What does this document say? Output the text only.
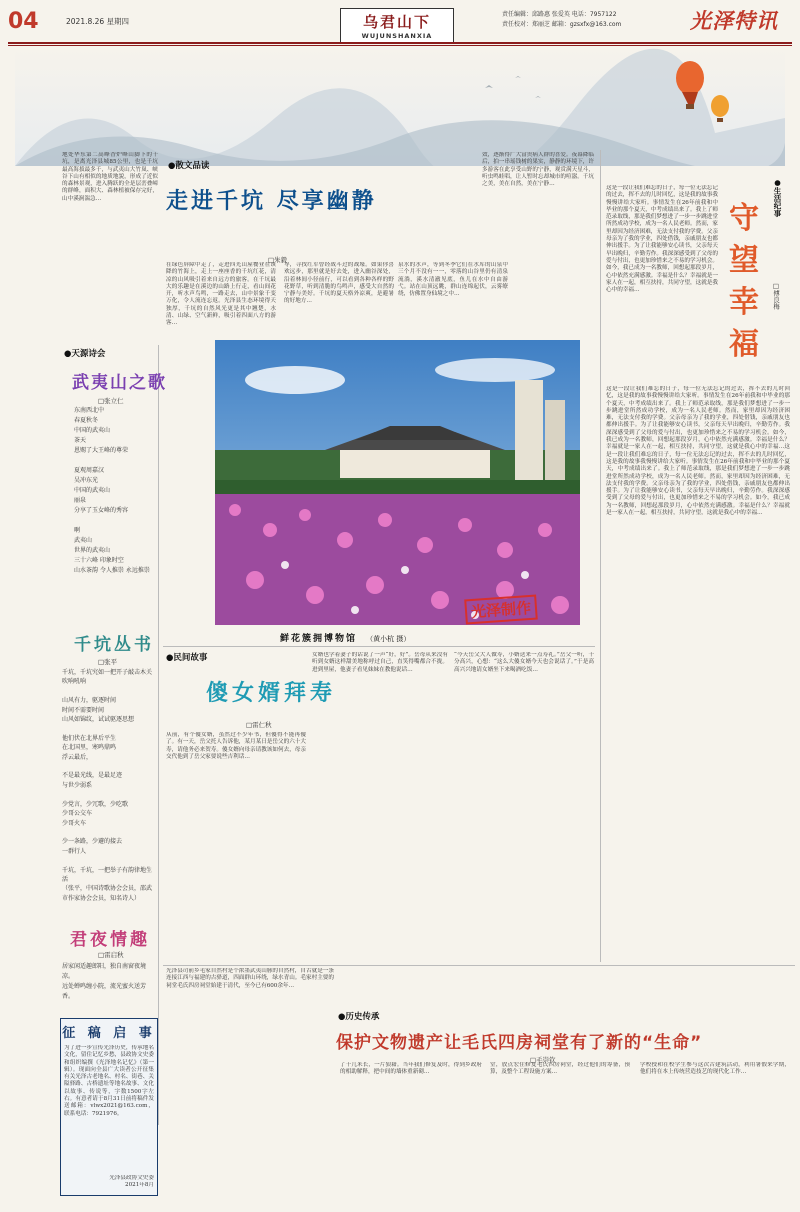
04	2021.8.26 星期四	乌君山下
WUJUNSHANXIA
责任编辑：邱路惠 张爱英 电话：7957122
责任校对：郑丽芝 邮箱：gzsxfx@163.com	光泽特讯
地处华东第二高峰香炉峰山脚下的千坑，是离光泽县城85公里，也是千坑最高海拔最多千，与武夷山大竹岚、峡谷下山有相似的地质地貌，形成了近似的森林景观，进入腾跃的全是层峦叠嶂的群峰，面积大、森林植被保存完好，山中溪涧湍急…
●散文品读
走进千坑 尽享幽静
□朱毅
在绿色屏障中走了，走进四光山屋餐业在该降的竹海上，走上一座座香的千坑红花，清凉的山风吸引着来自远方的旅客。在千坑最大的乐趣是在溪边的山路上行走，看山间花开，听水声鸟鸣，一路走去，山中景象千变万化，令人流连忘返。光泽县生态环境得天独厚，千坑的自然风光更是其中翘楚，水清、山绿、空气新鲜，吸引着四面八方的游客…
导，寻找红军曾经战斗过的战壕。如果你喜欢远步，那里就是好去处，进入幽谷深处，沿着林间小径前行，可以看到各种各样的野花野草，听到清脆的鸟鸣声，感受大自然的宁静与美好。千坑的夏天格外凉爽，是避暑的好地方…
泉水的水声，等到冬季它们在水库的山泉中三个月不没有一一，零落的山谷里仍有清泉流淌，溪水清澈见底，鱼儿在水中自由游弋。站在山顶远眺，群山连绵起伏，云雾缭绕，仿佛置身仙境之中…
效，逐渐得广大富贵病人群的喜爱。夜幕降临后，拍一串瑶钱树的果实，静静的环境下，许多游客在此享受山野的宁静，观赏满天星斗，听虫鸣蛙唱，让人暂时忘却城市的喧嚣。千坑之美，美在自然，美在宁静…
光泽制作
鲜花簇拥博物馆 （黄小杭 摄）
●天源诗会
武夷山之歌
□张立仁
东南西北中
春夏秋冬
中国的武夷山
茶天
恩赐了大王峰的尊荣

夏观周嘉汉
吴冲东光
中国的武夷山
丽泉
分享了玉女峰的秀容

啊
武夷山
世界的武夷山
三十六峰 印象时空
山水茶韵 令人推崇 永远推崇
千坑丛书
□张平
千坑，千坑究如一把开子敲击木关吹响吼响

山风有力，驱逐时间
时间不需要时间
山风如锦纹，试试驱逐思想

他们伏在北界后平生
在北国里，寒鸣鼎鸣
浮云最后，

不是最光线，是最足迹
与世少弱系

少党言，少冗歌，少吃歌
少哥公交车
少哥火车

少一条路，少避的接去
一群行人

千坑，千坑，一把举子有韵律地生活
（张平，中国诗歌协会会员，邵武市作家协会会员，知名诗人）
君夜情趣
□雷启秋
居家闲适趣郎阳，独自南窗夜境凉。
远处蝉鸣缠小院，流光蜜火送芳香。
征 稿 启 事
为了进一步宣传光泽历史，传承地名文化，留住记忆乡愁，县政协文史委和组织编撰《光泽地名记忆》（第一辑）。现面向全县广大读者公开征集有关光泽古老地名、村名、街巷、关隘驿路、古桥遗址等地名故事、文化以故事、传说等，字数1500字左右。有意者请于8月31日前将稿件发送邮箱：vlwx2021@163.com，联系电话：7921976。
光泽县政协文史委
2021年8月
●民间故事
傻女婿拜寿
□雷仁秋
从前，有个傻女婿，虽然过不少年书，但傻得不能再傻了。有一天，岳父托人告诉他，某月某日是岳父的六十大寿，请他务必来贺寿。傻女婿向母亲请教该如何去，母亲交代他到了岳父家要说些吉利话…
女婿也学着妻子的话说了一声“好，好”。岳母从来没有听到女婿这样甜美地称呼过自己，直笑得嘴都合不拢。进到里屋，他妻子看见妹妹在教他说话…
“今天岳父大人做寿，小婿送来一点寿礼。”岳父一听，十分高兴，心想：“这么大傻女婿今天也会说话了。”于是高高兴兴地请女婿坐下来喝酒吃饭…
光泽县司前乡毛家自然村是个浓墨武夷山脉的自然村，自古就是一条连接江西与福建的古驿道，四面群山环绕，绿水青山。毛家村主要的祠堂毛氏四房祠堂始建于清代，至今已有600余年…
●历史传承
保护文物遗产让毛氏四房祠堂有了新的“生命”
□毛崇钦
了十几米长，一片狼藉。当年我们修复及时，得到乡政府的相助解释，把中间的墙体重新砌…
堂，放点宏住修复毛氏四房祠堂，经过他们的筹备，预算，及整个工程设施方案…
学校授和在校学生参与这次古建筑活动，利用暑假来学期，他们将在本上传统营造技艺的现代化工作…
这是一段让我们难忘的日子，每一位无法忘记的过去，挥不去的儿时回忆，这是我的故事我慢慢讲给大家听。事情发生在26年前我和中毕业的那个夏天，中考成绩出来了。我上了师范录取线，那是我们梦想进了一步一步跳进堂所然成功学校，成为一名人民老师。然而，家里却因为经济困难，无法支付我的学费。父亲母亲为了我的学业，四处借钱，亲戚朋友也都伸出援手。为了让我能够安心读书，父亲每天早出晚归，辛勤劳作。我深深感受到了父母的爱与付出，也更加珍惜来之不易的学习机会。如今，我已成为一名教师，回想起那段岁月，心中依然充满感激。幸福是什么？幸福就是一家人在一起，相互扶持，共同守望，这就是我心中的幸福…
●生活纪事
守
望
幸
福
□傅良梅
这是一段让我们难忘的日子，每一位无法忘记的过去，挥不去的儿时回忆，这是我的故事我慢慢讲给大家听。事情发生在26年前我和中毕业的那个夏天，中考成绩出来了。我上了师范录取线，那是我们梦想进了一步一步跳进堂所然成功学校，成为一名人民老师。然而，家里却因为经济困难，无法支付我的学费。父亲母亲为了我的学业，四处借钱，亲戚朋友也都伸出援手。为了让我能够安心读书，父亲每天早出晚归，辛勤劳作。我深深感受到了父母的爱与付出，也更加珍惜来之不易的学习机会。如今，我已成为一名教师，回想起那段岁月，心中依然充满感激。幸福是什么？幸福就是一家人在一起，相互扶持，共同守望，这就是我心中的幸福…这是一段让我们难忘的日子，每一位无法忘记的过去，挥不去的儿时回忆，这是我的故事我慢慢讲给大家听。事情发生在26年前我和中毕业的那个夏天，中考成绩出来了。我上了师范录取线，那是我们梦想进了一步一步跳进堂所然成功学校，成为一名人民老师。然而，家里却因为经济困难，无法支付我的学费。父亲母亲为了我的学业，四处借钱，亲戚朋友也都伸出援手。为了让我能够安心读书，父亲每天早出晚归，辛勤劳作。我深深感受到了父母的爱与付出，也更加珍惜来之不易的学习机会。如今，我已成为一名教师，回想起那段岁月，心中依然充满感激。幸福是什么？幸福就是一家人在一起，相互扶持，共同守望，这就是我心中的幸福…
